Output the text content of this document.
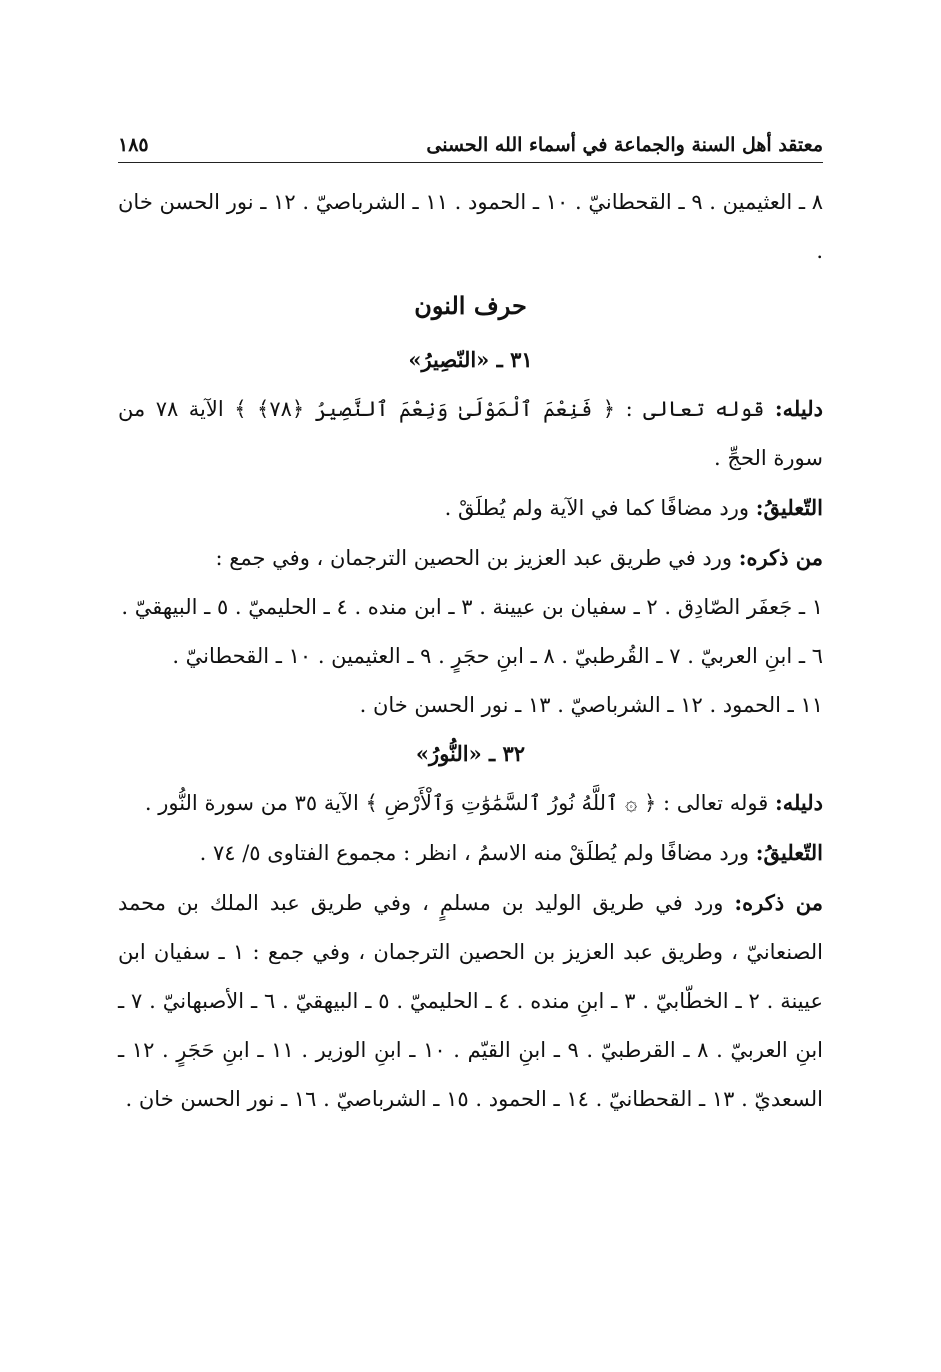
معتقد أهل السنة والجماعة في أسماء الله الحسنى
١٨٥

٨ ـ العثيمين . ٩ ـ القحطانيّ . ١٠ ـ الحمود . ١١ ـ الشرباصيّ . ١٢ ـ نور الحسن خان .

حرف النون
٣١ ـ «النّصِيرُ»

دليله: قوله تعالى : ﴿ فَنِعْمَ ٱلْمَوْلَىٰ وَنِعْمَ ٱلنَّصِيرُ ﴿٧٨﴾ ﴾ الآية ٧٨ من سورة الحجِّ .

التّعليقُ: ورد مضافًا كما في الآية ولم يُطلَقْ .

من ذكره: ورد في طريق عبد العزيز بن الحصين الترجمان ، وفي جمع :

١ ـ جَعفَر الصّادِق . ٢ ـ سفيان بن عيينة . ٣ ـ ابن منده . ٤ ـ الحليميّ . ٥ ـ البيهقيّ .

٦ ـ ابنِ العربيّ . ٧ ـ القُرطبيّ . ٨ ـ ابنِ حجَرٍ . ٩ ـ العثيمين . ١٠ ـ القحطانيّ .

١١ ـ الحمود . ١٢ ـ الشرباصيّ . ١٣ ـ نور الحسن خان .

٣٢ ـ «النُّورُ»

دليله: قوله تعالى : ﴿ ۞ ٱللَّهُ نُورُ ٱلسَّمَٰوَٰتِ وَٱلْأَرْضِ ﴾ الآية ٣٥ من سورة النُّور .

التّعليقُ: ورد مضافًا ولم يُطلَقْ منه الاسمُ ، انظر : مجموع الفتاوى ٥/ ٧٤ .

من ذكره: ورد في طريق الوليد بن مسلمٍ ، وفي طريق عبد الملك بن محمد الصنعانيّ ، وطريق عبد العزيز بن الحصين الترجمان ، وفي جمع : ١ ـ سفيان ابن عيينة . ٢ ـ الخطّابيّ . ٣ ـ ابنِ منده . ٤ ـ الحليميّ . ٥ ـ البيهقيّ . ٦ ـ الأصبهانيّ . ٧ ـ ابنِ العربيّ . ٨ ـ القرطبيّ . ٩ ـ ابنِ القيّم . ١٠ ـ ابنِ الوزير . ١١ ـ ابنِ حَجَرٍ . ١٢ ـ السعديّ . ١٣ ـ القحطانيّ . ١٤ ـ الحمود . ١٥ ـ الشرباصيّ . ١٦ ـ نور الحسن خان .
